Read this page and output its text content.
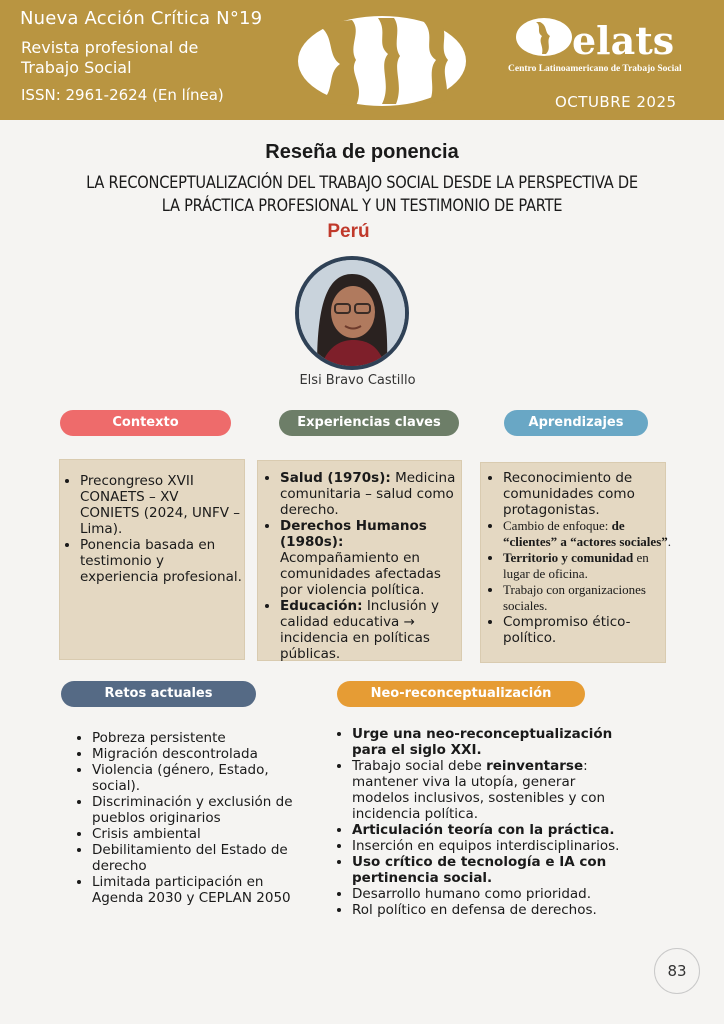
Nueva Acción Crítica N°19
Revista profesional de Trabajo Social
ISSN: 2961-2624 (En línea)
elats
Centro Latinoamericano de Trabajo Social
OCTUBRE 2025
Reseña de ponencia
LA RECONCEPTUALIZACIÓN DEL TRABAJO SOCIAL DESDE LA PERSPECTIVA DE LA PRÁCTICA PROFESIONAL Y UN TESTIMONIO DE PARTE
Perú
Elsi Bravo Castillo
Contexto	Experiencias claves	Aprendizajes
• Precongreso XVII CONAETS – XV CONIETS (2024, UNFV – Lima).
• Ponencia basada en testimonio y experiencia profesional.
• Salud (1970s): Medicina comunitaria – salud como derecho.
• Derechos Humanos (1980s): Acompañamiento en comunidades afectadas por violencia política.
• Educación: Inclusión y calidad educativa → incidencia en políticas públicas.
• Reconocimiento de comunidades como protagonistas.
• Cambio de enfoque: de “clientes” a “actores sociales”.
• Territorio y comunidad en lugar de oficina.
• Trabajo con organizaciones sociales.
• Compromiso ético-político.
Retos actuales	Neo-reconceptualización
• Pobreza persistente
• Migración descontrolada
• Violencia (género, Estado, social).
• Discriminación y exclusión de pueblos originarios
• Crisis ambiental
• Debilitamiento del Estado de derecho
• Limitada participación en Agenda 2030 y CEPLAN 2050
• Urge una neo-reconceptualización para el siglo XXI.
• Trabajo social debe reinventarse: mantener viva la utopía, generar modelos inclusivos, sostenibles y con incidencia política.
• Articulación teoría con la práctica.
• Inserción en equipos interdisciplinarios.
• Uso crítico de tecnología e IA con pertinencia social.
• Desarrollo humano como prioridad.
• Rol político en defensa de derechos.
83
